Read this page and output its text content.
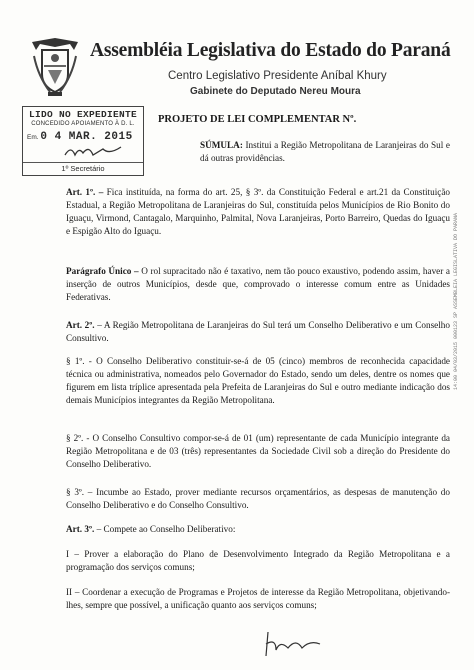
Assembléia Legislativa do Estado do Paraná
Centro Legislativo Presidente Aníbal Khury
Gabinete do Deputado Nereu Moura
LIDO NO EXPEDIENTE
CONCEDIDO APOIAMENTO À D. L.
Em. 0 4 MAR. 2015
1º Secretário
PROJETO DE LEI COMPLEMENTAR Nº.
SÚMULA: Institui a Região Metropolitana de Laranjeiras do Sul e dá outras providências.
Art. 1º. – Fica instituída, na forma do art. 25, § 3º. da Constituição Federal e art.21 da Constituição Estadual, a Região Metropolitana de Laranjeiras do Sul, constituída pelos Municípios de Rio Bonito do Iguaçu, Virmond, Cantagalo, Marquinho, Palmital, Nova Laranjeiras, Porto Barreiro, Quedas do Iguaçu e Espigão Alto do Iguaçu.
Parágrafo Único – O rol supracitado não é taxativo, nem tão pouco exaustivo, podendo assim, haver a inserção de outros Municípios, desde que, comprovado o interesse comum entre as Unidades Federativas.
Art. 2º. – A Região Metropolitana de Laranjeiras do Sul terá um Conselho Deliberativo e um Conselho Consultivo.
§ 1º. - O Conselho Deliberativo constituir-se-á de 05 (cinco) membros de reconhecida capacidade técnica ou administrativa, nomeados pelo Governador do Estado, sendo um deles, dentre os nomes que figurem em lista tríplice apresentada pela Prefeita de Laranjeiras do Sul e outro mediante indicação dos demais Municípios integrantes da Região Metropolitana.
§ 2º. - O Conselho Consultivo compor-se-á de 01 (um) representante de cada Município integrante da Região Metropolitana e de 03 (três) representantes da Sociedade Civil sob a direção do Presidente do Conselho Deliberativo.
§ 3º. – Incumbe ao Estado, prover mediante recursos orçamentários, as despesas de manutenção do Conselho Deliberativo e do Conselho Consultivo.
Art. 3º. – Compete ao Conselho Deliberativo:
I – Prover a elaboração do Plano de Desenvolvimento Integrado da Região Metropolitana e a programação dos serviços comuns;
II – Coordenar a execução de Programas e Projetos de interesse da Região Metropolitana, objetivando-lhes, sempre que possível, a unificação quanto aos serviços comuns;
14:00 04/03/2015 000123 SP ASSEMBLEIA LEGISLATIVA DO PARANA
